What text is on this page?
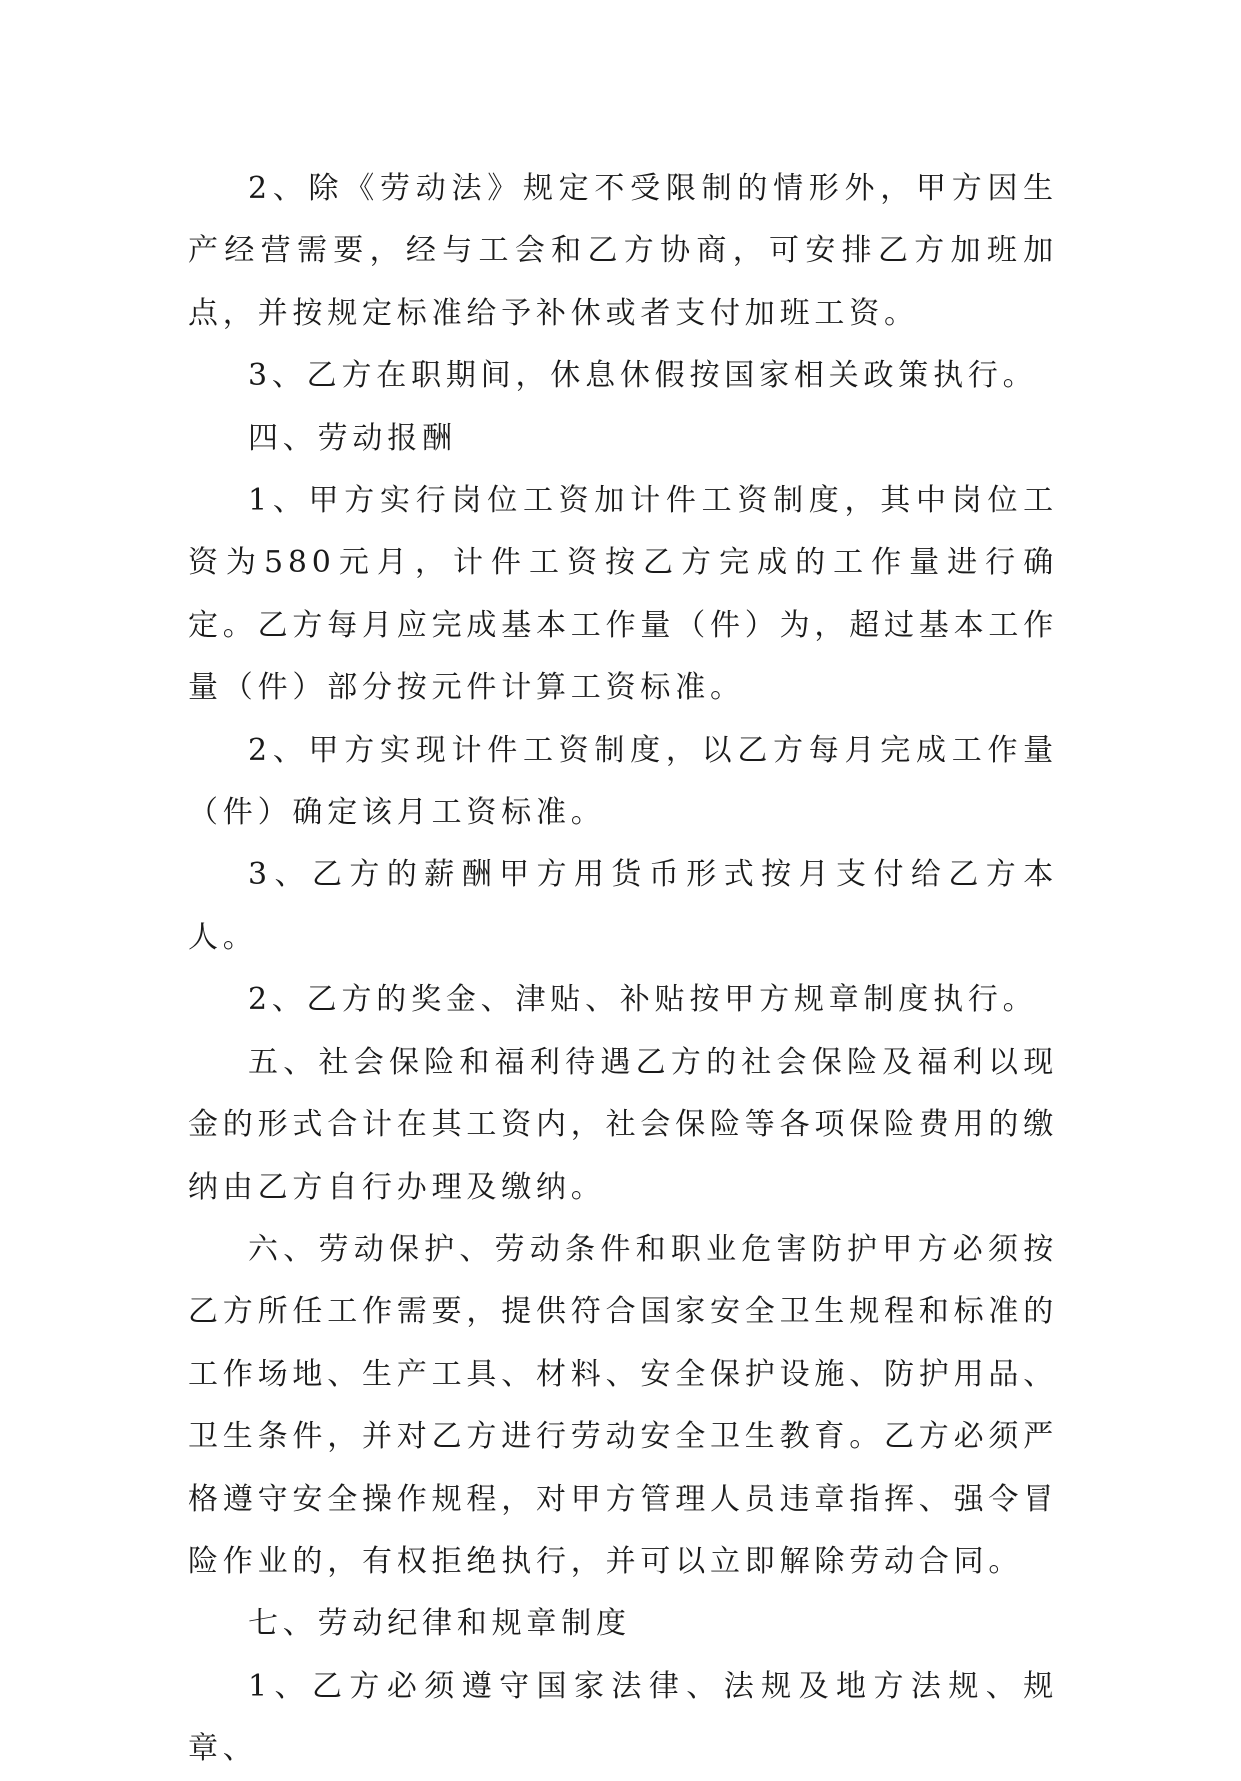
2、除《劳动法》规定不受限制的情形外，甲方因生产经营需要，经与工会和乙方协商，可安排乙方加班加点，并按规定标准给予补休或者支付加班工资。

3、乙方在职期间，休息休假按国家相关政策执行。

四、劳动报酬

1、甲方实行岗位工资加计件工资制度，其中岗位工资为580元月，计件工资按乙方完成的工作量进行确定。乙方每月应完成基本工作量（件）为，超过基本工作量（件）部分按元件计算工资标准。

2、甲方实现计件工资制度，以乙方每月完成工作量（件）确定该月工资标准。

3、乙方的薪酬甲方用货币形式按月支付给乙方本人。

2、乙方的奖金、津贴、补贴按甲方规章制度执行。

五、社会保险和福利待遇乙方的社会保险及福利以现金的形式合计在其工资内，社会保险等各项保险费用的缴纳由乙方自行办理及缴纳。

六、劳动保护、劳动条件和职业危害防护甲方必须按乙方所任工作需要，提供符合国家安全卫生规程和标准的工作场地、生产工具、材料、安全保护设施、防护用品、卫生条件，并对乙方进行劳动安全卫生教育。乙方必须严格遵守安全操作规程，对甲方管理人员违章指挥、强令冒险作业的，有权拒绝执行，并可以立即解除劳动合同。

七、劳动纪律和规章制度

1、乙方必须遵守国家法律、法规及地方法规、规章、
